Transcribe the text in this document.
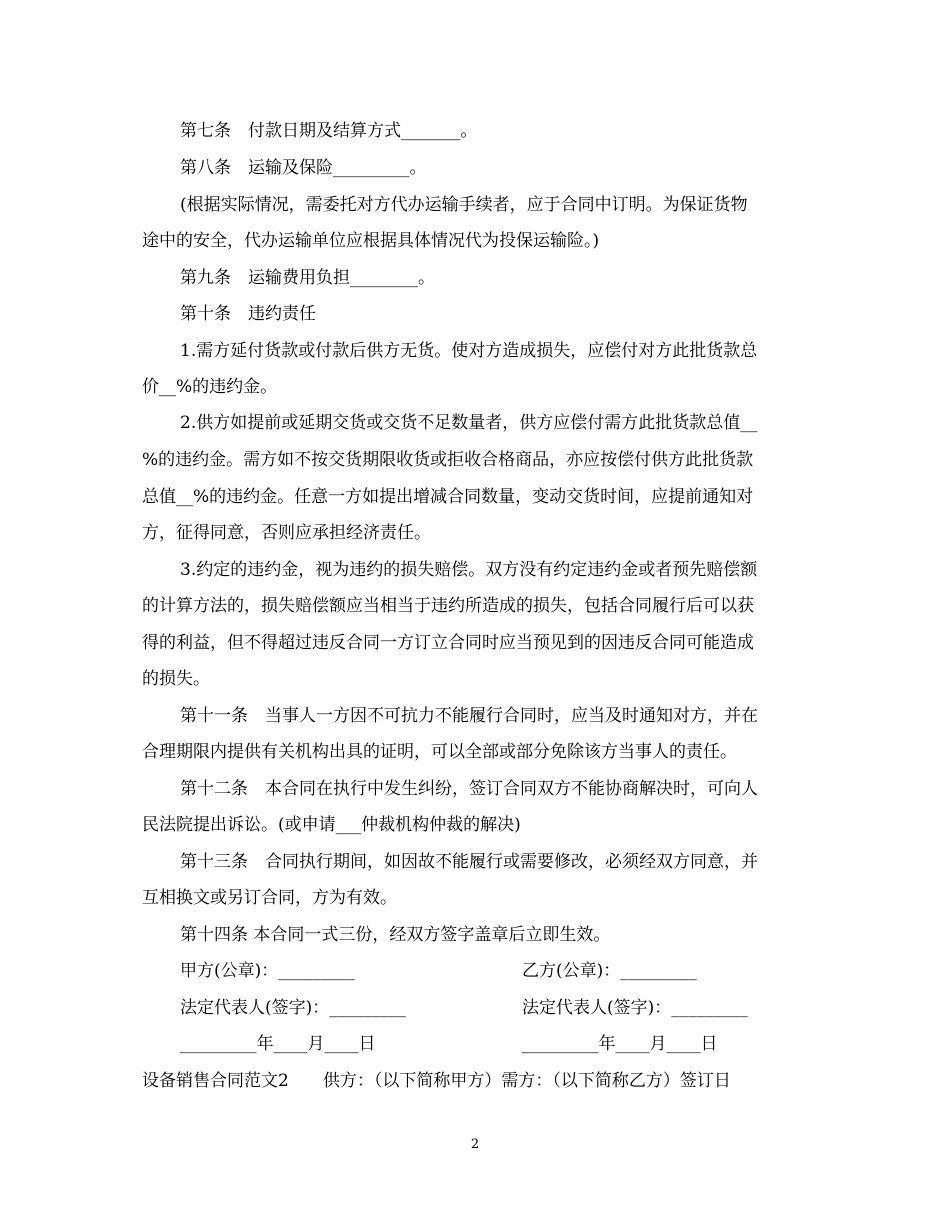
第七条　付款日期及结算方式_______。
第八条　运输及保险_________。
(根据实际情况，需委托对方代办运输手续者，应于合同中订明。为保证货物
途中的安全，代办运输单位应根据具体情况代为投保运输险。)
第九条　运输费用负担________。
第十条　违约责任
1.需方延付货款或付款后供方无货。使对方造成损失，应偿付对方此批货款总
价__%的违约金。
2.供方如提前或延期交货或交货不足数量者，供方应偿付需方此批货款总值__
%的违约金。需方如不按交货期限收货或拒收合格商品，亦应按偿付供方此批货款
总值__%的违约金。任意一方如提出增减合同数量，变动交货时间，应提前通知对
方，征得同意，否则应承担经济责任。
3.约定的违约金，视为违约的损失赔偿。双方没有约定违约金或者预先赔偿额
的计算方法的，损失赔偿额应当相当于违约所造成的损失，包括合同履行后可以获
得的利益，但不得超过违反合同一方订立合同时应当预见到的因违反合同可能造成
的损失。
第十一条　当事人一方因不可抗力不能履行合同时，应当及时通知对方，并在
合理期限内提供有关机构出具的证明，可以全部或部分免除该方当事人的责任。
第十二条　本合同在执行中发生纠纷，签订合同双方不能协商解决时，可向人
民法院提出诉讼。(或申请___仲裁机构仲裁的解决)
第十三条　合同执行期间，如因故不能履行或需要修改，必须经双方同意，并
互相换文或另订合同，方为有效。
第十四条 本合同一式三份，经双方签字盖章后立即生效。
甲方(公章)：_________	乙方(公章)：_________
法定代表人(签字)：_________	法定代表人(签字)：_________
_________年____月____日	_________年____月____日
设备销售合同范文2　　供方：（以下简称甲方）需方：（以下简称乙方）签订日
2
